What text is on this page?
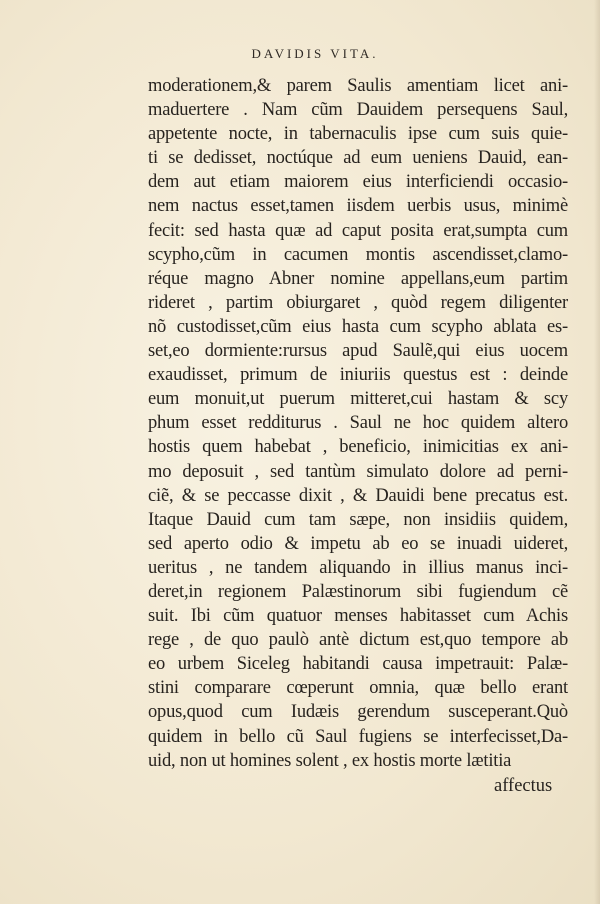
DAVIDIS VITA.
moderationem,& parem Saulis amentiam licet ani-
maduertere . Nam cũm Dauidem persequens Saul,
appetente nocte, in tabernaculis ipse cum suis quie-
ti se dedisset, noctúque ad eum ueniens Dauid, ean-
dem aut etiam maiorem eius interficiendi occasio-
nem nactus esset,tamen iisdem uerbis usus, minimè
fecit: sed hasta quæ ad caput posita erat,sumpta cum
scypho,cũm in cacumen montis ascendisset,clamo-
réque magno Abner nomine appellans,eum partim
rideret , partim obiurgaret , quòd regem diligenter
nõ custodisset,cũm eius hasta cum scypho ablata es-
set,eo dormiente:rursus apud Saulẽ,qui eius uocem
exaudisset, primum de iniuriis questus est : deinde
eum monuit,ut puerum mitteret,cui hastam & scy
phum esset redditurus . Saul ne hoc quidem altero
hostis quem habebat , beneficio, inimicitias ex ani-
mo deposuit , sed tantùm simulato dolore ad perni-
ciẽ, & se peccasse dixit , & Dauidi bene precatus est.
Itaque Dauid cum tam sæpe, non insidiis quidem,
sed aperto odio & impetu ab eo se inuadi uideret,
ueritus , ne tandem aliquando in illius manus inci-
deret,in regionem Palæstinorum sibi fugiendum cẽ
suit. Ibi cũm quatuor menses habitasset cum Achis
rege , de quo paulò antè dictum est,quo tempore ab
eo urbem Siceleg habitandi causa impetrauit: Palæ-
stini comparare cœperunt omnia, quæ bello erant
opus,quod cum Iudæis gerendum susceperant.Quò
quidem in bello cũ Saul fugiens se interfecisset,Da-
uid, non ut homines solent , ex hostis morte lætitia
affectus
